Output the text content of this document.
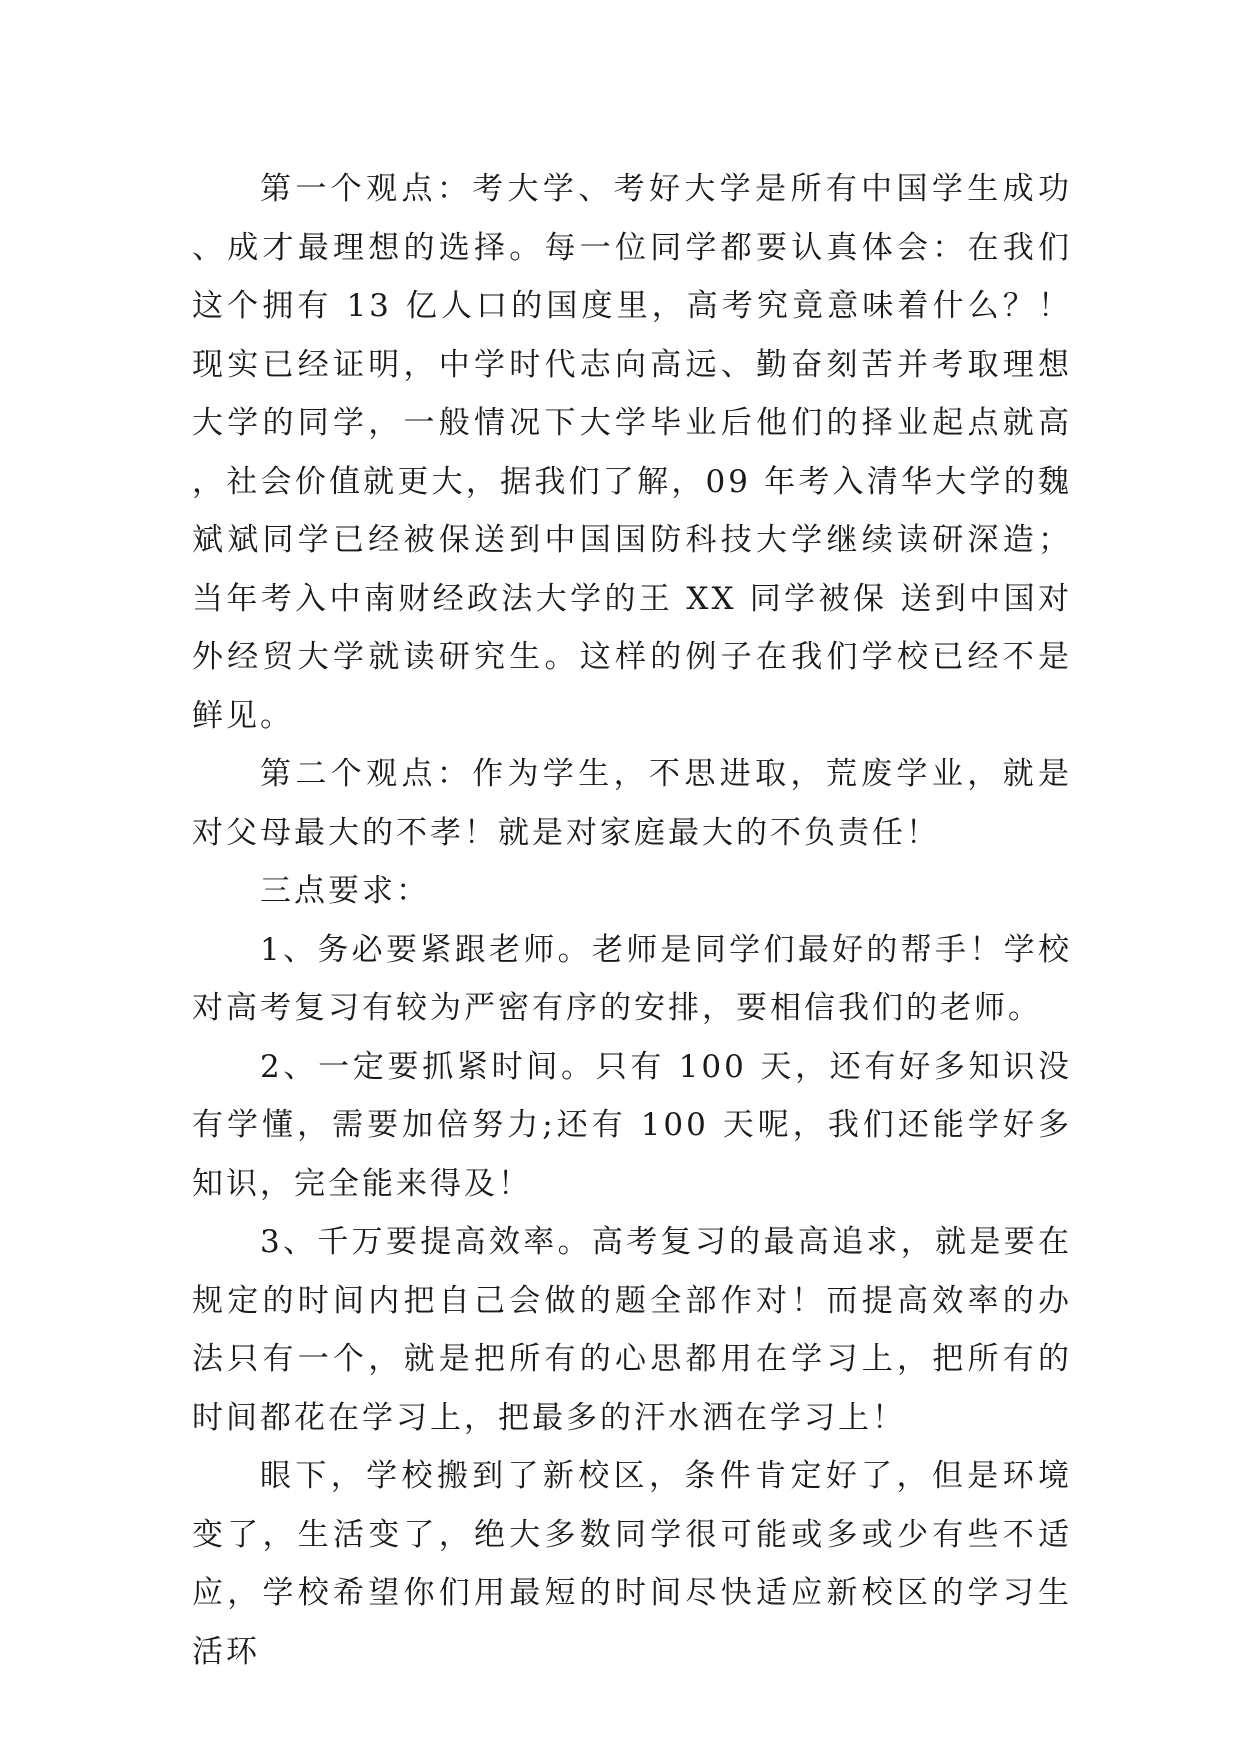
第一个观点：考大学、考好大学是所有中国学生成功、成才最理想的选择。每一位同学都要认真体会：在我们这个拥有 13 亿人口的国度里，高考究竟意味着什么？！现实已经证明，中学时代志向高远、勤奋刻苦并考取理想大学的同学，一般情况下大学毕业后他们的择业起点就高，社会价值就更大，据我们了解，09 年考入清华大学的魏斌斌同学已经被保送到中国国防科技大学继续读研深造；当年考入中南财经政法大学的王 XX 同学被保 送到中国对外经贸大学就读研究生。这样的例子在我们学校已经不是鲜见。

第二个观点：作为学生，不思进取，荒废学业，就是对父母最大的不孝！就是对家庭最大的不负责任！

三点要求：

1、务必要紧跟老师。老师是同学们最好的帮手！学校对高考复习有较为严密有序的安排，要相信我们的老师。

2、一定要抓紧时间。只有 100 天，还有好多知识没有学懂，需要加倍努力;还有 100 天呢，我们还能学好多知识，完全能来得及！

3、千万要提高效率。高考复习的最高追求，就是要在规定的时间内把自己会做的题全部作对！而提高效率的办法只有一个，就是把所有的心思都用在学习上，把所有的时间都花在学习上，把最多的汗水洒在学习上！

眼下，学校搬到了新校区，条件肯定好了，但是环境变了，生活变了，绝大多数同学很可能或多或少有些不适应，学校希望你们用最短的时间尽快适应新校区的学习生活环
